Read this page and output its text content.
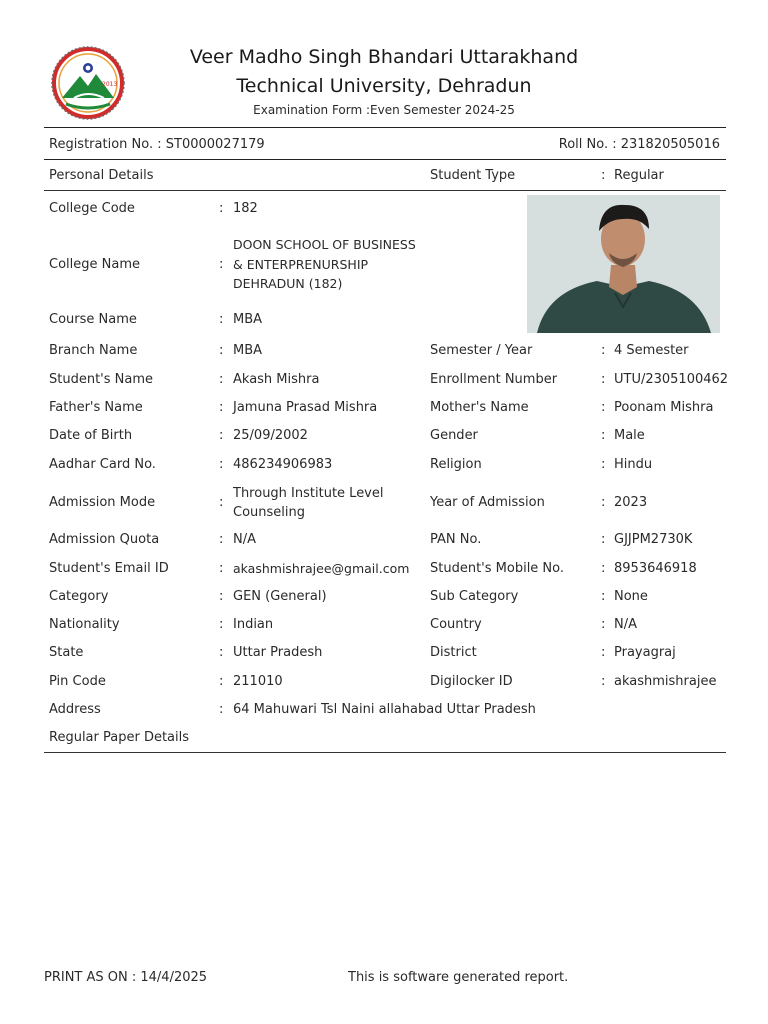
2013
Veer Madho Singh Bhandari Uttarakhand
Technical University, Dehradun
Examination Form :Even Semester 2024-25
Registration No. : ST0000027179	Roll No. : 231820505016
Personal Details	Student Type	: Regular
College Code	: 182
College Name	:
DOON SCHOOL OF BUSINESS
& ENTERPRENURSHIP
DEHRADUN (182)
Course Name	: MBA
Branch Name	: MBA	Semester / Year	: 4 Semester
Student's Name	: Akash Mishra	Enrollment Number	: UTU/2305100462
Father's Name	: Jamuna Prasad Mishra	Mother's Name	: Poonam Mishra
Date of Birth	: 25/09/2002	Gender	: Male
Aadhar Card No.	: 486234906983	Religion	: Hindu
Admission Mode	:
Through Institute Level
Counseling
Year of Admission	: 2023
Admission Quota	: N/A	PAN No.	: GJJPM2730K
Student's Email ID	: akashmishrajee@gmail.com Student's Mobile No.	: 8953646918
Category	: GEN (General)	Sub Category	: None
Nationality	: Indian	Country	: N/A
State	: Uttar Pradesh	District	: Prayagraj
Pin Code	: 211010	Digilocker ID	: akashmishrajee
Address	: 64 Mahuwari Tsl Naini allahabad Uttar Pradesh
Regular Paper Details
PRINT AS ON : 14/4/2025	This is software generated report.
